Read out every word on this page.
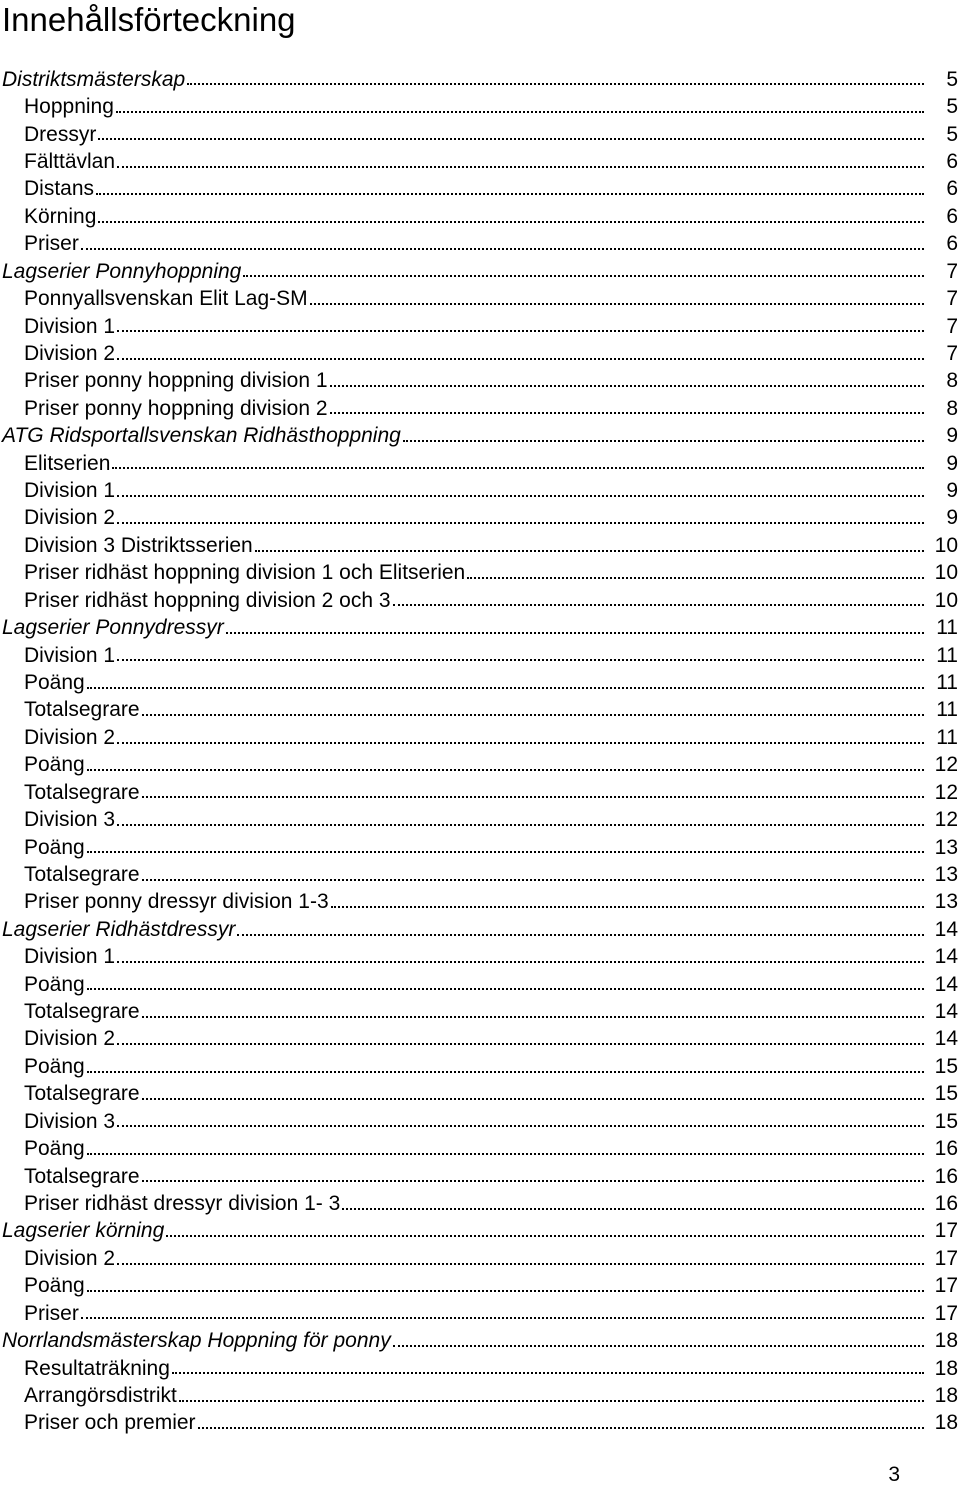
Innehållsförteckning
Distriktsmästerskap	5
Hoppning	5
Dressyr	5
Fälttävlan	6
Distans	6
Körning	6
Priser	6
Lagserier Ponnyhoppning	7
Ponnyallsvenskan Elit Lag-SM	7
Division 1	7
Division 2	7
Priser ponny hoppning division 1	8
Priser ponny hoppning division 2	8
ATG Ridsportallsvenskan Ridhästhoppning	9
Elitserien	9
Division 1	9
Division 2	9
Division 3 Distriktsserien	10
Priser ridhäst hoppning division 1 och Elitserien	10
Priser ridhäst hoppning division 2 och 3	10
Lagserier Ponnydressyr	11
Division 1	11
Poäng	11
Totalsegrare	11
Division 2	11
Poäng	12
Totalsegrare	12
Division 3	12
Poäng	13
Totalsegrare	13
Priser ponny dressyr division 1-3	13
Lagserier Ridhästdressyr	14
Division 1	14
Poäng	14
Totalsegrare	14
Division 2	14
Poäng	15
Totalsegrare	15
Division 3	15
Poäng	16
Totalsegrare	16
Priser ridhäst dressyr division 1- 3	16
Lagserier körning	17
Division 2	17
Poäng	17
Priser	17
Norrlandsmästerskap Hoppning för ponny	18
Resultaträkning	18
Arrangörsdistrikt	18
Priser och premier	18
3
